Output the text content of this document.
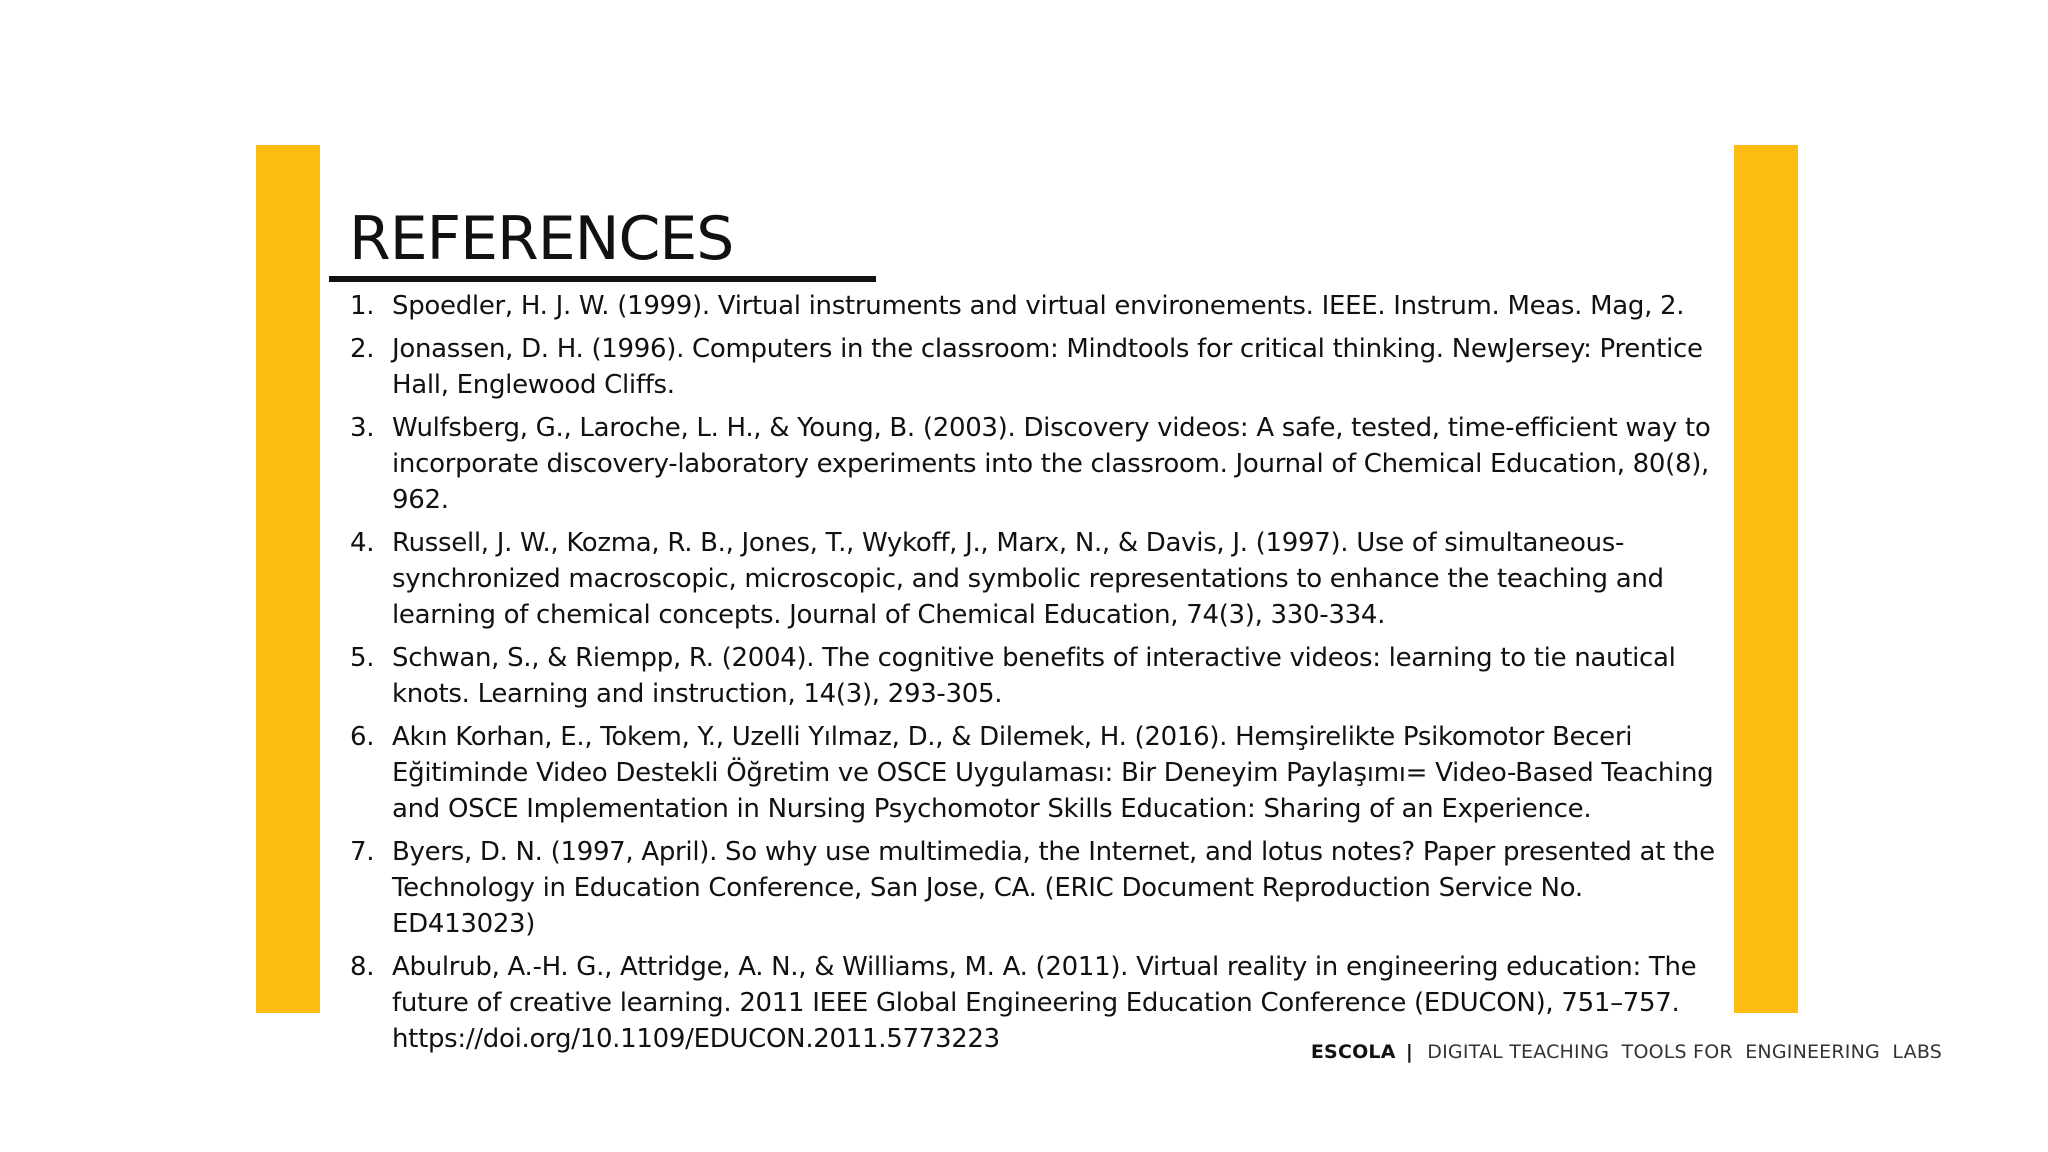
REFERENCES
1. Spoedler, H. J. W. (1999). Virtual instruments and virtual environements. IEEE. Instrum. Meas. Mag, 2.
2. Jonassen, D. H. (1996). Computers in the classroom: Mindtools for critical thinking. NewJersey: Prentice Hall, Englewood Cliffs.
3. Wulfsberg, G., Laroche, L. H., & Young, B. (2003). Discovery videos: A safe, tested, time-efficient way to incorporate discovery-laboratory experiments into the classroom. Journal of Chemical Education, 80(8), 962.
4. Russell, J. W., Kozma, R. B., Jones, T., Wykoff, J., Marx, N., & Davis, J. (1997). Use of simultaneous-synchronized macroscopic, microscopic, and symbolic representations to enhance the teaching and learning of chemical concepts. Journal of Chemical Education, 74(3), 330-334.
5. Schwan, S., & Riempp, R. (2004). The cognitive benefits of interactive videos: learning to tie nautical knots. Learning and instruction, 14(3), 293-305.
6. Akın Korhan, E., Tokem, Y., Uzelli Yılmaz, D., & Dilemek, H. (2016). Hemşirelikte Psikomotor Beceri Eğitiminde Video Destekli Öğretim ve OSCE Uygulaması: Bir Deneyim Paylaşımı= Video-Based Teaching and OSCE Implementation in Nursing Psychomotor Skills Education: Sharing of an Experience.
7. Byers, D. N. (1997, April). So why use multimedia, the Internet, and lotus notes? Paper presented at the Technology in Education Conference, San Jose, CA. (ERIC Document Reproduction Service No. ED413023)
8. Abulrub, A.-H. G., Attridge, A. N., & Williams, M. A. (2011). Virtual reality in engineering education: The future of creative learning. 2011 IEEE Global Engineering Education Conference (EDUCON), 751–757. https://doi.org/10.1109/EDUCON.2011.5773223	ESCOLA | DIGITAL TEACHING  TOOLS FOR  ENGINEERING  LABS
